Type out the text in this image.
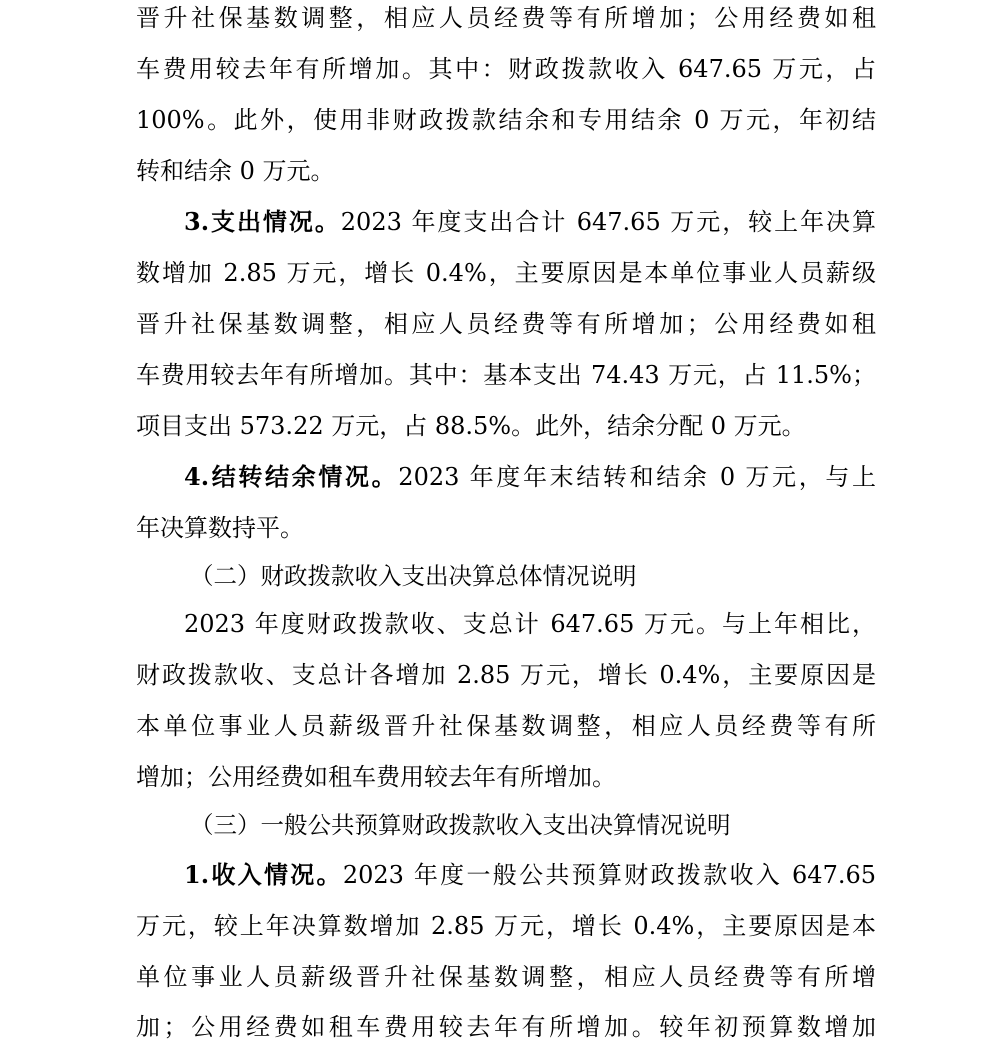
晋升社保基数调整，相应人员经费等有所增加；公用经费如租
车费用较去年有所增加。其中：财政拨款收入 647.65 万元，占
100%。此外，使用非财政拨款结余和专用结余 0 万元，年初结
转和结余 0 万元。
3.支出情况。2023 年度支出合计 647.65 万元，较上年决算
数增加 2.85 万元，增长 0.4%，主要原因是本单位事业人员薪级
晋升社保基数调整，相应人员经费等有所增加；公用经费如租
车费用较去年有所增加。其中：基本支出 74.43 万元，占 11.5%；
项目支出 573.22 万元，占 88.5%。此外，结余分配 0 万元。
4.结转结余情况。2023 年度年末结转和结余 0 万元，与上
年决算数持平。
（二）财政拨款收入支出决算总体情况说明
2023 年度财政拨款收、支总计 647.65 万元。与上年相比，
财政拨款收、支总计各增加 2.85 万元，增长 0.4%，主要原因是
本单位事业人员薪级晋升社保基数调整，相应人员经费等有所
增加；公用经费如租车费用较去年有所增加。
（三）一般公共预算财政拨款收入支出决算情况说明
1.收入情况。2023 年度一般公共预算财政拨款收入 647.65
万元，较上年决算数增加 2.85 万元，增长 0.4%，主要原因是本
单位事业人员薪级晋升社保基数调整，相应人员经费等有所增
加；公用经费如租车费用较去年有所增加。较年初预算数增加
